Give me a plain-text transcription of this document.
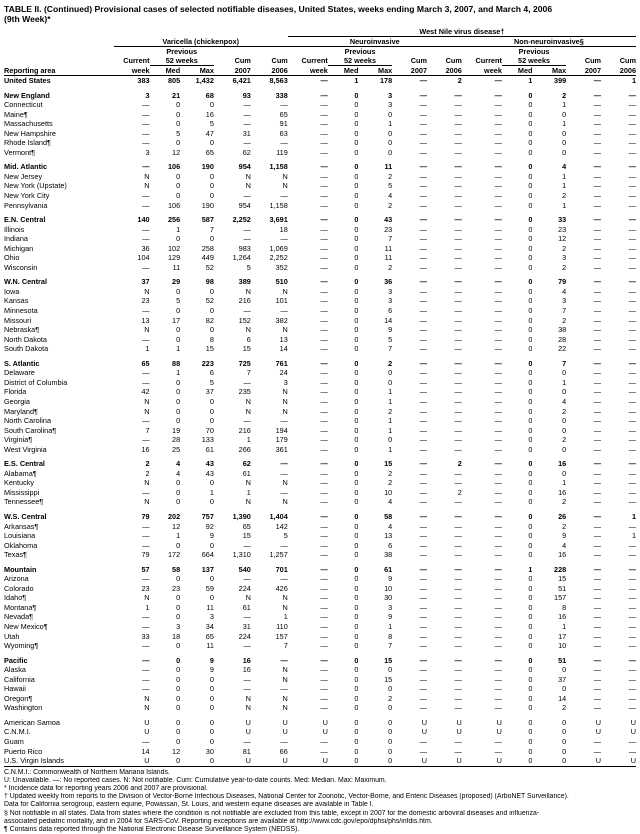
TABLE II. (Continued) Provisional cases of selected notifiable diseases, United States, weeks ending March 3, 2007, and March 4, 2006
(9th Week)*
						West Nile virus disease†									
	Varicella (chickenpox)					Neuroinvasive					Non-neuroinvasive§				
		Previous					Previous					Previous			
	Current	52 weeks		Cum	Cum	Current	52 weeks		Cum	Cum	Current	52 weeks		Cum	Cum
Reporting area	week	Med	Max	2007	2006	week	Med	Max	2007	2006	week	Med	Max	2007	2006
United States	383	805	1,432	6,421	8,563	—	1	178	—	2	—	1	399	—	1

New England	3	21	68	93	338	—	0	3	—	—	—	0	2	—	—
Connecticut	—	0	0	—	—	—	0	3	—	—	—	0	1	—	—
Maine¶	—	0	16	—	65	—	0	0	—	—	—	0	0	—	—
Massachusetts	—	0	5	—	91	—	0	1	—	—	—	0	1	—	—
New Hampshire	—	5	47	31	63	—	0	0	—	—	—	0	0	—	—
Rhode Island¶	—	0	0	—	—	—	0	0	—	—	—	0	0	—	—
Vermont¶	3	12	65	62	119	—	0	0	—	—	—	0	0	—	—

Mid. Atlantic	—	106	190	954	1,158	—	0	11	—	—	—	0	4	—	—
New Jersey	N	0	0	N	N	—	0	2	—	—	—	0	1	—	—
New York (Upstate)	N	0	0	N	N	—	0	5	—	—	—	0	1	—	—
New York City	—	0	0	—	—	—	0	4	—	—	—	0	2	—	—
Pennsylvania	—	106	190	954	1,158	—	0	2	—	—	—	0	1	—	—

E.N. Central	140	256	587	2,252	3,691	—	0	43	—	—	—	0	33	—	—
Illinois	—	1	7	—	18	—	0	23	—	—	—	0	23	—	—
Indiana	—	0	0	—	—	—	0	7	—	—	—	0	12	—	—
Michigan	36	102	258	983	1,069	—	0	11	—	—	—	0	2	—	—
Ohio	104	129	449	1,264	2,252	—	0	11	—	—	—	0	3	—	—
Wisconsin	—	11	52	5	352	—	0	2	—	—	—	0	2	—	—

W.N. Central	37	29	98	389	510	—	0	36	—	—	—	0	79	—	—
Iowa	N	0	0	N	N	—	0	3	—	—	—	0	4	—	—
Kansas	23	5	52	216	101	—	0	3	—	—	—	0	3	—	—
Minnesota	—	0	0	—	—	—	0	6	—	—	—	0	7	—	—
Missouri	13	17	82	152	382	—	0	14	—	—	—	0	2	—	—
Nebraska¶	N	0	0	N	N	—	0	9	—	—	—	0	38	—	—
North Dakota	—	0	8	6	13	—	0	5	—	—	—	0	28	—	—
South Dakota	1	1	15	15	14	—	0	7	—	—	—	0	22	—	—

S. Atlantic	65	88	223	725	761	—	0	2	—	—	—	0	7	—	—
Delaware	—	1	6	7	24	—	0	0	—	—	—	0	0	—	—
District of Columbia	—	0	5	—	3	—	0	0	—	—	—	0	1	—	—
Florida	42	0	37	235	N	—	0	1	—	—	—	0	0	—	—
Georgia	N	0	0	N	N	—	0	1	—	—	—	0	4	—	—
Maryland¶	N	0	0	N	N	—	0	2	—	—	—	0	2	—	—
North Carolina	—	0	0	—	—	—	0	1	—	—	—	0	0	—	—
South Carolina¶	7	19	70	216	194	—	0	1	—	—	—	0	0	—	—
Virginia¶	—	28	133	1	179	—	0	0	—	—	—	0	2	—	—
West Virginia	16	25	61	266	361	—	0	1	—	—	—	0	0	—	—

E.S. Central	2	4	43	62	—	—	0	15	—	2	—	0	16	—	—
Alabama¶	2	4	43	61	—	—	0	2	—	—	—	0	0	—	—
Kentucky	N	0	0	N	N	—	0	2	—	—	—	0	1	—	—
Mississippi	—	0	1	1	—	—	0	10	—	2	—	0	16	—	—
Tennessee¶	N	0	0	N	N	—	0	4	—	—	—	0	2	—	—

W.S. Central	79	202	757	1,390	1,404	—	0	58	—	—	—	0	26	—	1
Arkansas¶	—	12	92	65	142	—	0	4	—	—	—	0	2	—	—
Louisiana	—	1	9	15	5	—	0	13	—	—	—	0	9	—	1
Oklahoma	—	0	0	—	—	—	0	6	—	—	—	0	4	—	—
Texas¶	79	172	664	1,310	1,257	—	0	38	—	—	—	0	16	—	—

Mountain	57	58	137	540	701	—	0	61	—	—	—	1	228	—	—
Arizona	—	0	0	—	—	—	0	9	—	—	—	0	15	—	—
Colorado	23	23	59	224	426	—	0	10	—	—	—	0	51	—	—
Idaho¶	N	0	0	N	N	—	0	30	—	—	—	0	157	—	—
Montana¶	1	0	11	61	N	—	0	3	—	—	—	0	8	—	—
Nevada¶	—	0	3	—	1	—	0	9	—	—	—	0	16	—	—
New Mexico¶	—	3	34	31	110	—	0	1	—	—	—	0	1	—	—
Utah	33	18	65	224	157	—	0	8	—	—	—	0	17	—	—
Wyoming¶	—	0	11	—	7	—	0	7	—	—	—	0	10	—	—

Pacific	—	0	9	16	—	—	0	15	—	—	—	0	51	—	—
Alaska	—	0	9	16	N	—	0	0	—	—	—	0	0	—	—
California	—	0	0	—	N	—	0	15	—	—	—	0	37	—	—
Hawaii	—	0	0	—	—	—	0	0	—	—	—	0	0	—	—
Oregon¶	N	0	0	N	N	—	0	2	—	—	—	0	14	—	—
Washington	N	0	0	N	N	—	0	0	—	—	—	0	2	—	—

American Samoa	U	0	0	U	U	U	0	0	U	U	U	0	0	U	U
C.N.M.I.	U	0	0	U	U	U	0	0	U	U	U	0	0	U	U
Guam	—	0	0	—	—	—	0	0	—	—	—	0	0	—	—
Puerto Rico	14	12	30	81	66	—	0	0	—	—	—	0	0	—	—
U.S. Virgin Islands	U	0	0	U	U	U	0	0	U	U	U	0	0	U	U
C.N.M.I.: Commonwealth of Northern Mariana Islands.
U: Unavailable. —: No reported cases. N: Not notifiable. Cum: Cumulative year-to-date counts. Med: Median. Max: Maximum.
* Incidence data for reporting years 2006 and 2007 are provisional.
† Updated weekly from reports to the Division of Vector-Borne Infectious Diseases, National Center for Zoonotic, Vector-Borne, and Enteric Diseases (proposed) (ArboNET Surveillance).
Data for California serogroup, eastern equine, Powassan, St. Louis, and western equine diseases are available in Table I.
§ Not notifiable in all states. Data from states where the condition is not notifiable are excluded from this table, except in 2007 for the domestic arboviral diseases and influenza-
associated pediatric mortality, and in 2004 for SARS-CoV. Reporting exceptions are available at http://www.cdc.gov/epo/dphsi/phs/infdis.htm.
¶ Contains data reported through the National Electronic Disease Surveillance System (NEDSS).
